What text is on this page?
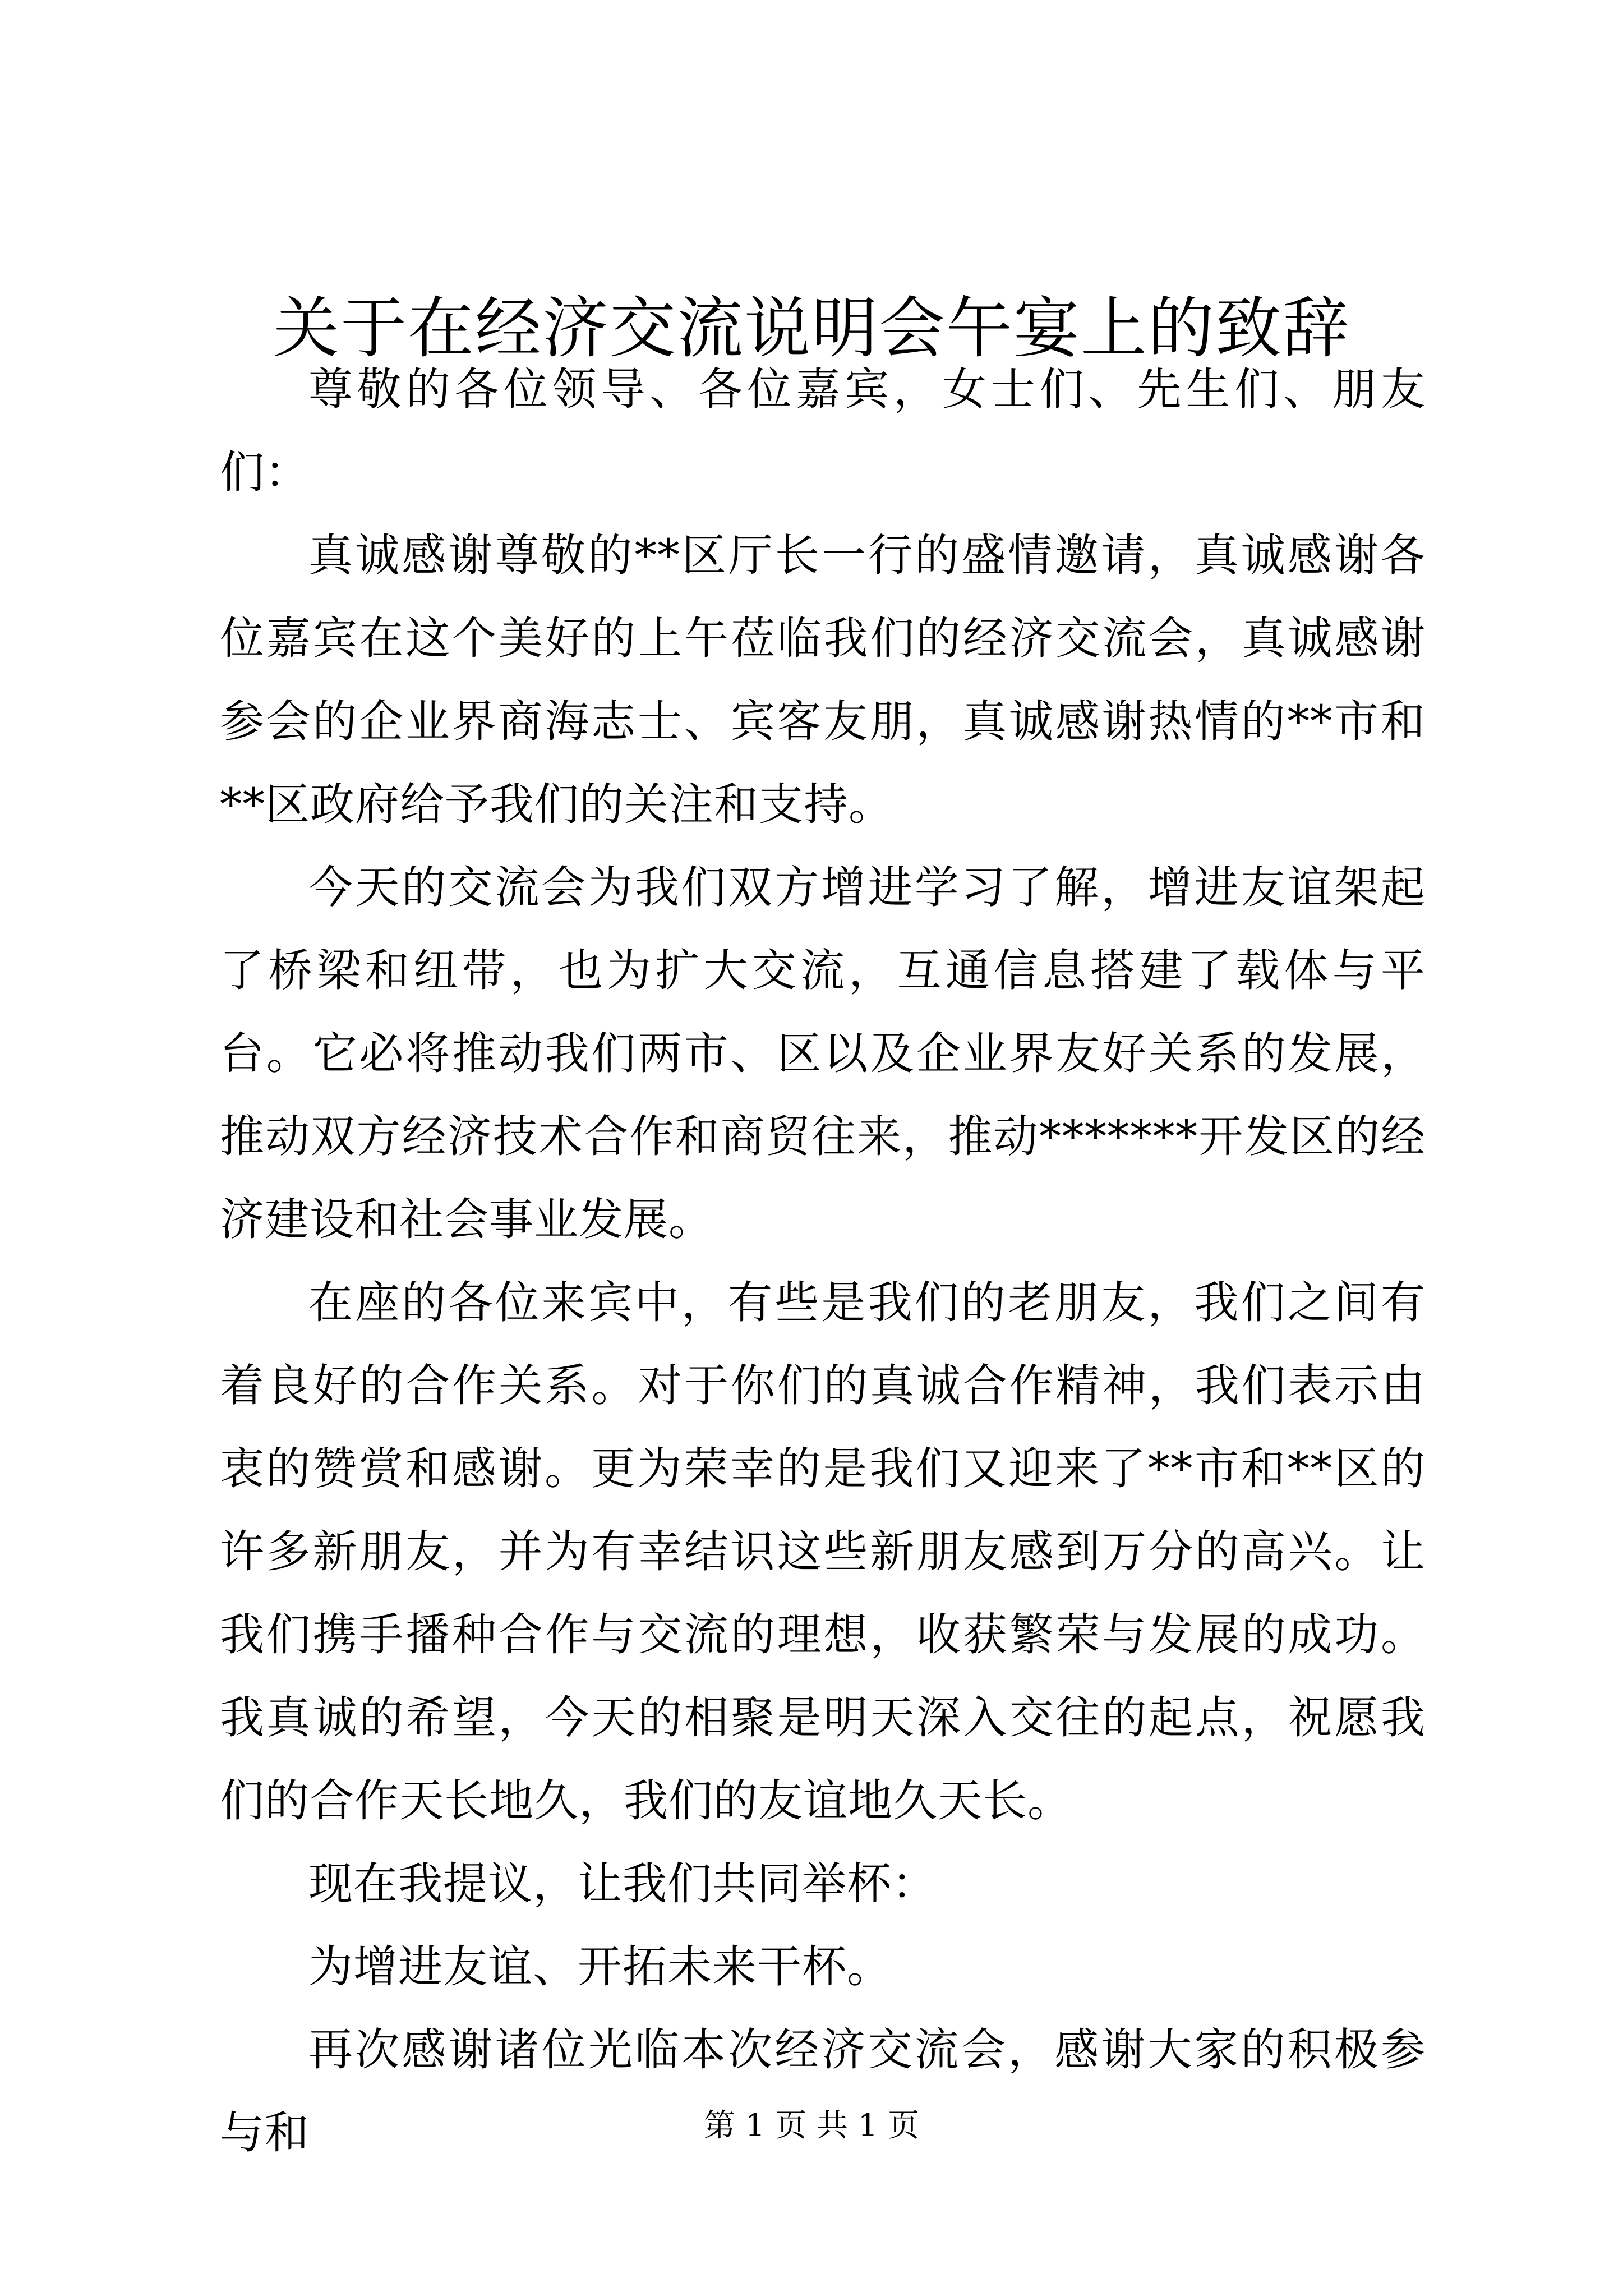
关于在经济交流说明会午宴上的致辞

尊敬的各位领导、各位嘉宾，女士们、先生们、朋友们：

真诚感谢尊敬的**区厅长一行的盛情邀请，真诚感谢各位嘉宾在这个美好的上午莅临我们的经济交流会，真诚感谢参会的企业界商海志士、宾客友朋，真诚感谢热情的**市和**区政府给予我们的关注和支持。

今天的交流会为我们双方增进学习了解，增进友谊架起了桥梁和纽带，也为扩大交流，互通信息搭建了载体与平台。它必将推动我们两市、区以及企业界友好关系的发展，推动双方经济技术合作和商贸往来，推动*******开发区的经济建设和社会事业发展。

在座的各位来宾中，有些是我们的老朋友，我们之间有着良好的合作关系。对于你们的真诚合作精神，我们表示由衷的赞赏和感谢。更为荣幸的是我们又迎来了**市和**区的许多新朋友，并为有幸结识这些新朋友感到万分的高兴。让我们携手播种合作与交流的理想，收获繁荣与发展的成功。我真诚的希望，今天的相聚是明天深入交往的起点，祝愿我们的合作天长地久，我们的友谊地久天长。

现在我提议，让我们共同举杯：

为增进友谊、开拓未来干杯。

再次感谢诸位光临本次经济交流会，感谢大家的积极参与和	第 1 页 共 1 页
